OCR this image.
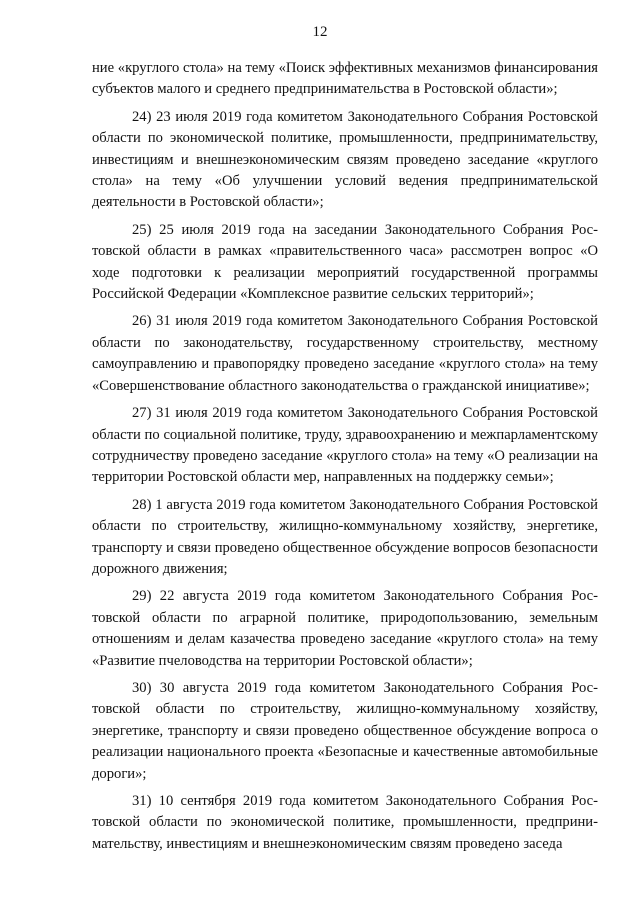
12

ние «круглого стола» на тему «Поиск эффективных механизмов финансирования субъектов малого и среднего предпринимательства в Ростовской области»;

24) 23 июля 2019 года комитетом Законодательного Собрания Ростовской области по экономической политике, промышленности, предпринимательству, инвестициям и внешнеэкономическим связям проведено заседание «круглого стола» на тему «Об улучшении условий ведения предпринимательской деятельности в Ростовской области»;

25) 25 июля 2019 года на заседании Законодательного Собрания Ростовской области в рамках «правительственного часа» рассмотрен вопрос «О ходе подготовки к реализации мероприятий государственной программы Российской Федерации «Комплексное развитие сельских территорий»;

26) 31 июля 2019 года комитетом Законодательного Собрания Ростовской области по законодательству, государственному строительству, местному самоуправлению и правопорядку проведено заседание «круглого стола» на тему «Совершенствование областного законодательства о гражданской инициативе»;

27) 31 июля 2019 года комитетом Законодательного Собрания Ростовской области по социальной политике, труду, здравоохранению и межпарламентскому сотрудничеству проведено заседание «круглого стола» на тему «О реализации на территории Ростовской области мер, направленных на поддержку семьи»;

28) 1 августа 2019 года комитетом Законодательного Собрания Ростовской области по строительству, жилищно-коммунальному хозяйству, энергетике, транспорту и связи проведено общественное обсуждение вопросов безопасности дорожного движения;

29) 22 августа 2019 года комитетом Законодательного Собрания Ростовской области по аграрной политике, природопользованию, земельным отношениям и делам казачества проведено заседание «круглого стола» на тему «Развитие пчеловодства на территории Ростовской области»;

30) 30 августа 2019 года комитетом Законодательного Собрания Ростовской области по строительству, жилищно-коммунальному хозяйству, энергетике, транспорту и связи проведено общественное обсуждение вопроса о реализации национального проекта «Безопасные и качественные автомобильные дороги»;

31) 10 сентября 2019 года комитетом Законодательного Собрания Ростовской области по экономической политике, промышленности, предпринимательству, инвестициям и внешнеэкономическим связям проведено заседа
